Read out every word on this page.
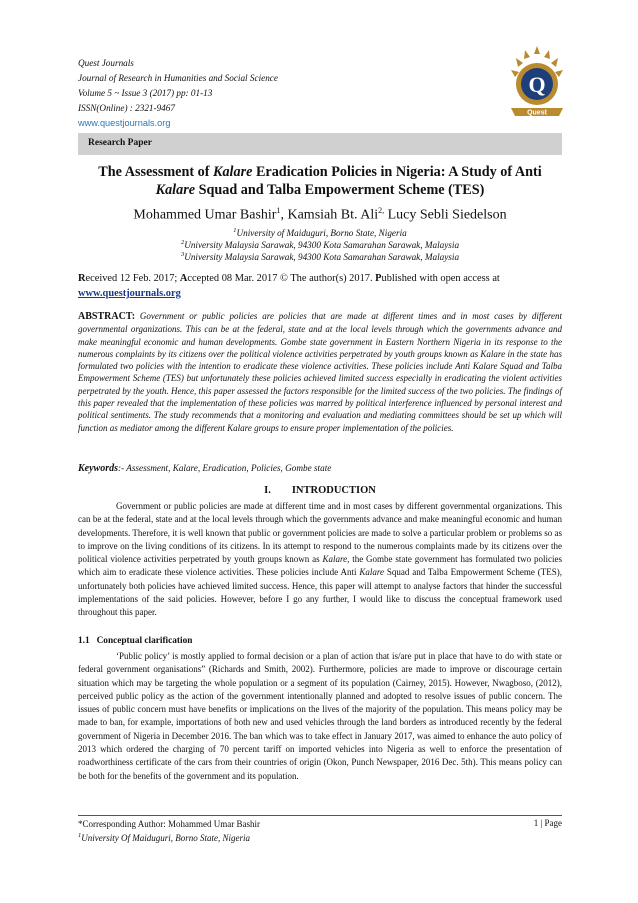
Quest Journals
Journal of Research in Humanities and Social Science
Volume 5 ~ Issue 3 (2017) pp: 01-13
ISSN(Online) : 2321-9467
www.questjournals.org
Q
Quest
Research Paper
The Assessment of Kalare Eradication Policies in Nigeria: A Study of Anti Kalare Squad and Talba Empowerment Scheme (TES)
Mohammed Umar Bashir$^1$, Kamsiah Bt. Ali$^{2,}$ Lucy Sebli Siedelson
$^1$University of Maiduguri, Borno State, Nigeria
$^2$University Malaysia Sarawak, 94300 Kota Samarahan Sarawak, Malaysia
$^3$University Malaysia Sarawak, 94300 Kota Samarahan Sarawak, Malaysia
Received 12 Feb. 2017; Accepted 08 Mar. 2017 © The author(s) 2017. Published with open access at
www.questjournals.org
ABSTRACT: Government or public policies are policies that are made at different times and in most cases by different governmental organizations. This can be at the federal, state and at the local levels through which the governments advance and make meaningful economic and human developments. Gombe state government in Eastern Northern Nigeria in its response to the numerous complaints by its citizens over the political violence activities perpetrated by youth groups known as Kalare in the state has formulated two policies with the intention to eradicate these violence activities. These policies include Anti Kalare Squad and Talba Empowerment Scheme (TES) but unfortunately these policies achieved limited success especially in eradicating the violent activities perpetrated by the youth. Hence, this paper assessed the factors responsible for the limited success of the two policies. The findings of this paper revealed that the implementation of these policies was marred by political interference influenced by personal interest and political sentiments. The study recommends that a monitoring and evaluation and mediating committees should be set up which will function as mediator among the different Kalare groups to ensure proper implementation of the policies.
Keywords:- Assessment, Kalare, Eradication, Policies, Gombe state
I.        INTRODUCTION
Government or public policies are made at different time and in most cases by different governmental organizations. This can be at the federal, state and at the local levels through which the governments advance and make meaningful economic and human developments. Therefore, it is well known that public or government policies are made to solve a particular problem or problems so as to improve on the living conditions of its citizens. In its attempt to respond to the numerous complaints made by its citizens over the political violence activities perpetrated by youth groups known as Kalare, the Gombe state government has formulated two policies which aim to eradicate these violence activities. These policies include Anti Kalare Squad and Talba Empowerment Scheme (TES), unfortunately both policies have achieved limited success. Hence, this paper will attempt to analyse factors that hinder the successful implementations of the said policies. However, before I go any further, I would like to discuss the conceptual framework used throughout this paper.
1.1   Conceptual clarification
‘Public policy’ is mostly applied to formal decision or a plan of action that is/are put in place that have to do with state or federal government organisations” (Richards and Smith, 2002). Furthermore, policies are made to improve or discourage certain situation which may be targeting the whole population or a segment of its population (Cairney, 2015). However, Nwagboso, (2012), perceived public policy as the action of the government intentionally planned and adopted to resolve issues of public concern. The issues of public concern must have benefits or implications on the lives of the majority of the population. This means policy may be made to ban, for example, importations of both new and used vehicles through the land borders as introduced recently by the federal government of Nigeria in December 2016. The ban which was to take effect in January 2017, was aimed to enhance the auto policy of 2013 which ordered the charging of 70 percent tariff on imported vehicles into Nigeria as well to enforce the presentation of roadworthiness certificate of the cars from their countries of origin (Okon, Punch Newspaper, 2016 Dec. 5th). This means policy can be both for the benefits of the government and its population.
*Corresponding Author: Mohammed Umar Bashir
$^1$University Of Maiduguri, Borno State, Nigeria
1 | Page
